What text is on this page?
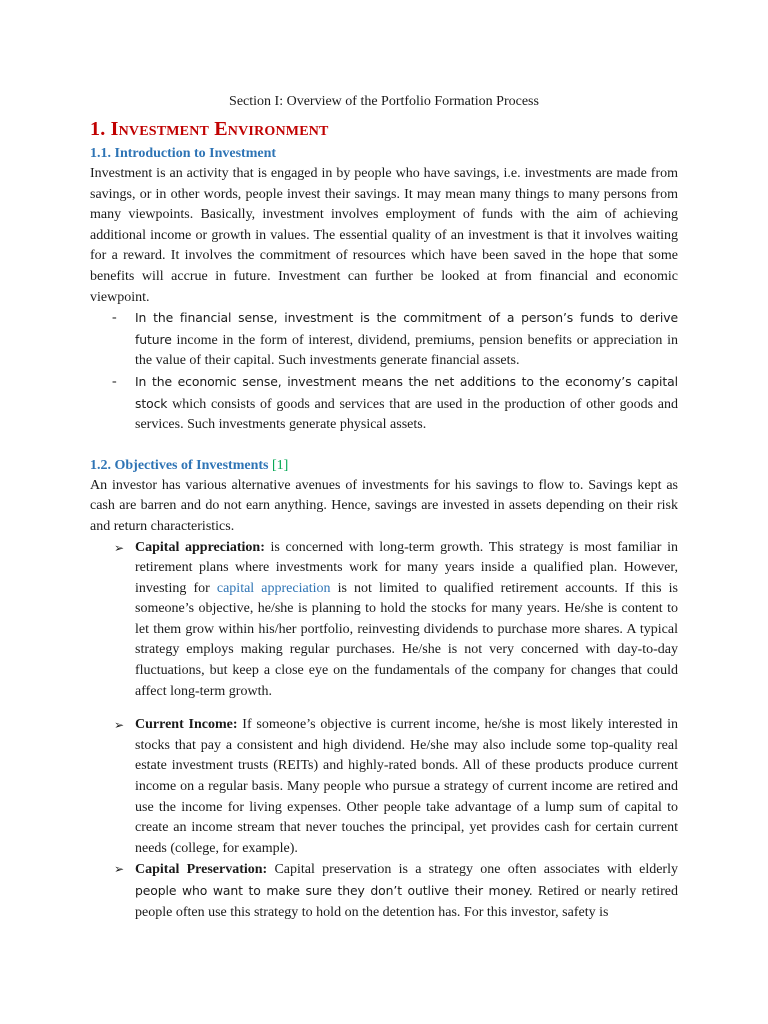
Section I: Overview of the Portfolio Formation Process
1. Investment Environment
1.1. Introduction to Investment
Investment is an activity that is engaged in by people who have savings, i.e. investments are made from savings, or in other words, people invest their savings. It may mean many things to many persons from many viewpoints. Basically, investment involves employment of funds with the aim of achieving additional income or growth in values. The essential quality of an investment is that it involves waiting for a reward. It involves the commitment of resources which have been saved in the hope that some benefits will accrue in future. Investment can further be looked at from financial and economic viewpoint.
- In the financial sense, investment is the commitment of a person’s funds to derive future income in the form of interest, dividend, premiums, pension benefits or appreciation in the value of their capital. Such investments generate financial assets.
- In the economic sense, investment means the net additions to the economy’s capital stock which consists of goods and services that are used in the production of other goods and services. Such investments generate physical assets.
1.2. Objectives of Investments [1]
An investor has various alternative avenues of investments for his savings to flow to. Savings kept as cash are barren and do not earn anything. Hence, savings are invested in assets depending on their risk and return characteristics.
➢ Capital appreciation: is concerned with long-term growth. This strategy is most familiar in retirement plans where investments work for many years inside a qualified plan. However, investing for capital appreciation is not limited to qualified retirement accounts. If this is someone’s objective, he/she is planning to hold the stocks for many years. He/she is content to let them grow within his/her portfolio, reinvesting dividends to purchase more shares. A typical strategy employs making regular purchases. He/she is not very concerned with day-to-day fluctuations, but keep a close eye on the fundamentals of the company for changes that could affect long-term growth.
➢ Current Income: If someone’s objective is current income, he/she is most likely interested in stocks that pay a consistent and high dividend. He/she may also include some top-quality real estate investment trusts (REITs) and highly-rated bonds. All of these products produce current income on a regular basis. Many people who pursue a strategy of current income are retired and use the income for living expenses. Other people take advantage of a lump sum of capital to create an income stream that never touches the principal, yet provides cash for certain current needs (college, for example).
➢ Capital Preservation: Capital preservation is a strategy one often associates with elderly people who want to make sure they don’t outlive their money. Retired or nearly retired people often use this strategy to hold on the detention has. For this investor, safety is
